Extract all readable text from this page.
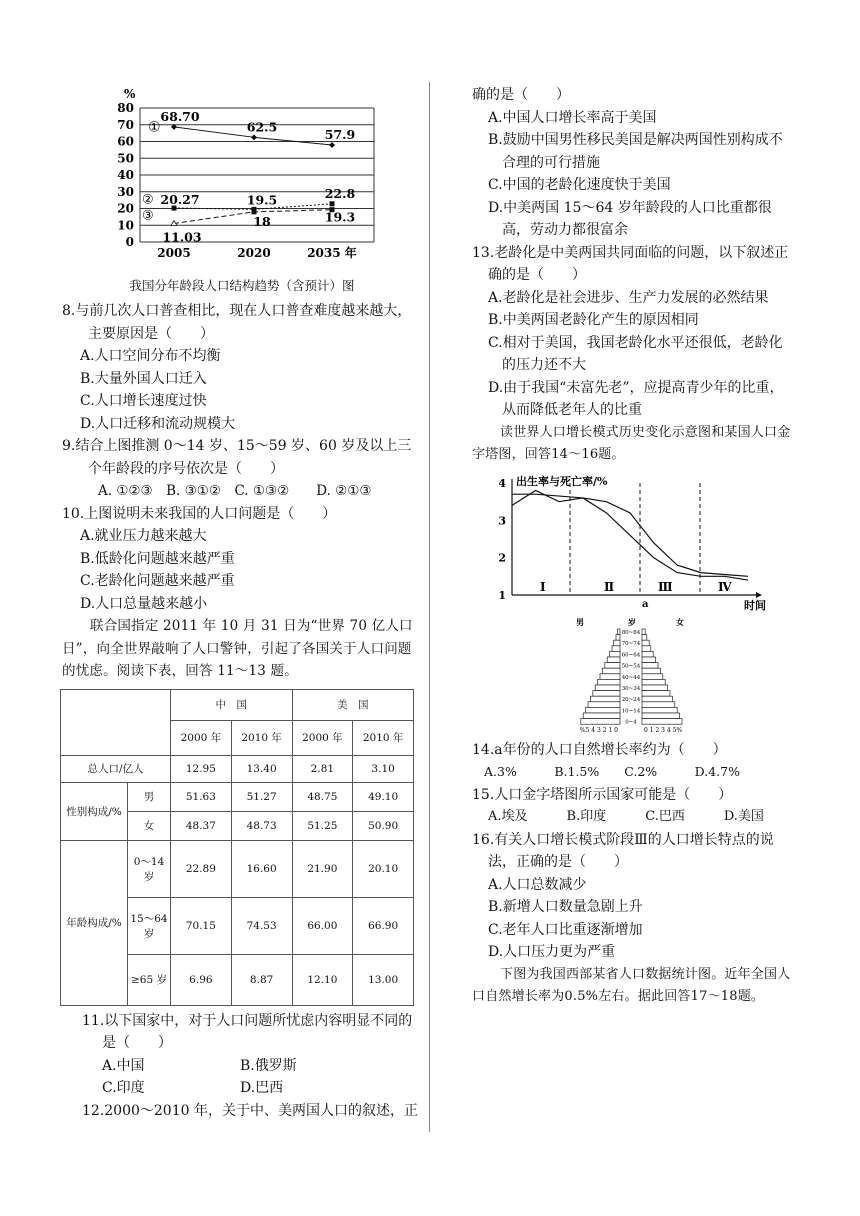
%
0
10
20
30
40
50
60
70
80
2005	2020	2035 年
68.70
62.5
57.9
20.27	19.5	22.8
11.03
18	19.3
①
②
③
我国分年龄段人口结构趋势（含预计）图
8.与前几次人口普查相比，现在人口普查难度越来越大，主要原因是（　　）
A.人口空间分布不均衡
B.大量外国人口迁入
C.人口增长速度过快
D.人口迁移和流动规模大
9.结合上图推测 0～14 岁、15～59 岁、60 岁及以上三个年龄段的序号依次是（　　）
A. ①②③　B. ③①②　C. ①③②　　D. ②①③
10.上图说明未来我国的人口问题是（　　）
A.就业压力越来越大
B.低龄化问题越来越严重
C.老龄化问题越来越严重
D.人口总量越来越小

联合国指定 2011 年 10 月 31 日为“世界 70 亿人口日”，向全世界敲响了人口警钟，引起了各国关于人口问题的忧虑。阅读下表，回答 11～13 题。

		中　国		美　国	
		2000 年	2010 年	2000 年	2010 年
总人口/亿人		12.95	13.40	2.81	3.10
性别构成/%	男	51.63	51.27	48.75	49.10
	女	48.37	48.73	51.25	50.90
年龄构成/%	0～14 岁	22.89	16.60	21.90	20.10
	15～64 岁	70.15	74.53	66.00	66.90
	≥65 岁	6.96	8.87	12.10	13.00
11.以下国家中，对于人口问题所忧虑内容明显不同的是（　　）
A.中国	B.俄罗斯
C.印度	D.巴西
12.2000～2010 年，关于中、美两国人口的叙述，正
确的是（　　）
A.中国人口增长率高于美国
B.鼓励中国男性移民美国是解决两国性别构成不合理的可行措施
C.中国的老龄化速度快于美国
D.中美两国 15～64 岁年龄段的人口比重都很高，劳动力都很富余
13.老龄化是中美两国共同面临的问题，以下叙述正确的是（　　）
A.老龄化是社会进步、生产力发展的必然结果
B.中美两国老龄化产生的原因相同
C.相对于美国，我国老龄化水平还很低，老龄化的压力还不大
D.由于我国“未富先老”，应提高青少年的比重，从而降低老年人的比重

读世界人口增长模式历史变化示意图和某国人口金字塔图，回答14～16题。

1
2
3
4 出生率与死亡率/%
时间
Ⅰ	Ⅱ	Ⅲ	Ⅳ
a
男	岁	女
80~84
70~74
60~64
50~54
40~44
30~34
20~24
10~14
0~4
%5 4 3 2 1 0	0 1 2 3 4 5%
14.a年份的人口自然增长率约为（　　）
A.3%　　　B.1.5%　　C.2%　　　D.4.7%
15.人口金字塔图所示国家可能是（　　）
A.埃及　　　B.印度　　　C.巴西　　　D.美国
16.有关人口增长模式阶段Ⅲ的人口增长特点的说法，正确的是（　　）
A.人口总数减少
B.新增人口数量急剧上升
C.老年人口比重逐渐增加
D.人口压力更为严重

下图为我国西部某省人口数据统计图。近年全国人口自然增长率为0.5%左右。据此回答17～18题。
